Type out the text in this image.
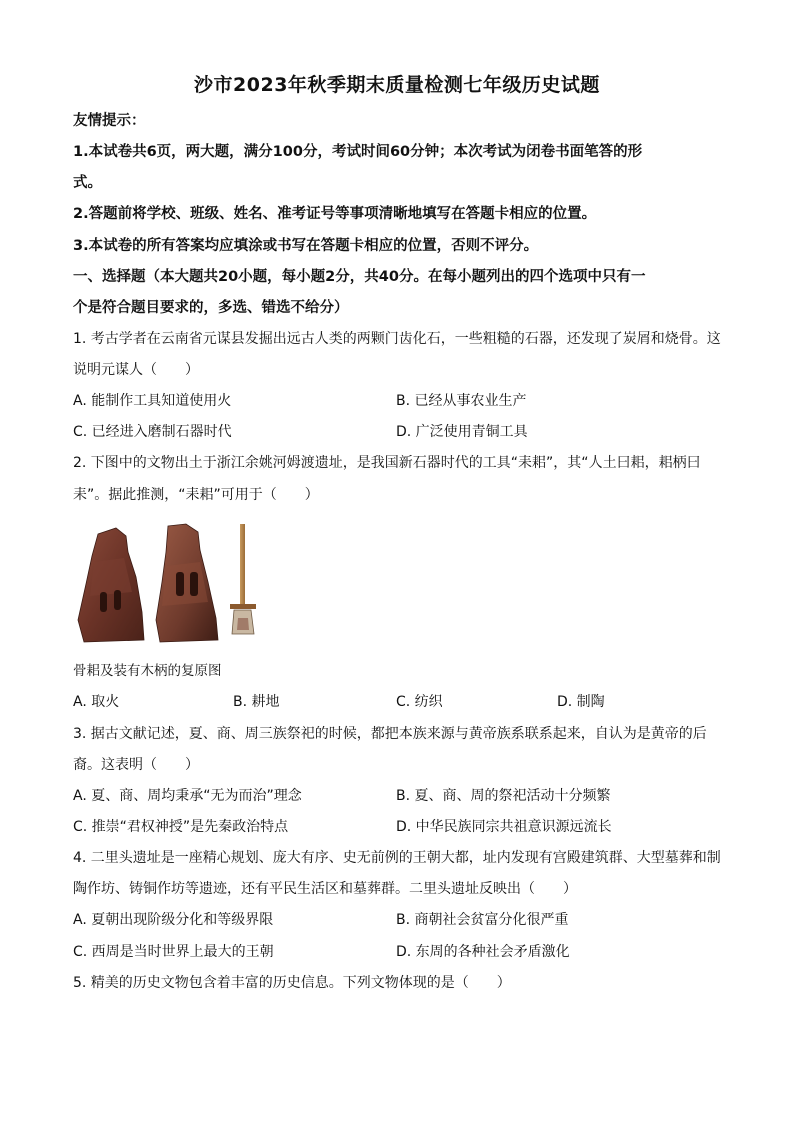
沙市2023年秋季期末质量检测七年级历史试题
友情提示：
1.本试卷共6页，两大题，满分100分，考试时间60分钟；本次考试为闭卷书面笔答的形
式。
2.答题前将学校、班级、姓名、准考证号等事项清晰地填写在答题卡相应的位置。
3.本试卷的所有答案均应填涂或书写在答题卡相应的位置，否则不评分。
一、选择题（本大题共20小题，每小题2分，共40分。在每小题列出的四个选项中只有一
个是符合题目要求的，多选、错选不给分）
1. 考古学者在云南省元谋县发掘出远古人类的两颗门齿化石，一些粗糙的石器，还发现了炭屑和烧骨。这
说明元谋人（　　）
A. 能制作工具知道使用火	B. 已经从事农业生产
C. 已经进入磨制石器时代	D. 广泛使用青铜工具
2. 下图中的文物出土于浙江余姚河姆渡遗址，是我国新石器时代的工具“耒耜”，其“人土曰耜，耜柄曰
耒”。据此推测，“耒耜”可用于（　　）
骨耜及装有木柄的复原图
A. 取火	B. 耕地	C. 纺织	D. 制陶
3. 据古文献记述，夏、商、周三族祭祀的时候，都把本族来源与黄帝族系联系起来，自认为是黄帝的后
裔。这表明（　　）
A. 夏、商、周均秉承“无为而治”理念	B. 夏、商、周的祭祀活动十分频繁
C. 推崇“君权神授”是先秦政治特点	D. 中华民族同宗共祖意识源远流长
4. 二里头遗址是一座精心规划、庞大有序、史无前例的王朝大都，址内发现有宫殿建筑群、大型墓葬和制
陶作坊、铸铜作坊等遗迹，还有平民生活区和墓葬群。二里头遗址反映出（　　）
A. 夏朝出现阶级分化和等级界限	B. 商朝社会贫富分化很严重
C. 西周是当时世界上最大的王朝	D. 东周的各种社会矛盾激化
5. 精美的历史文物包含着丰富的历史信息。下列文物体现的是（　　）
